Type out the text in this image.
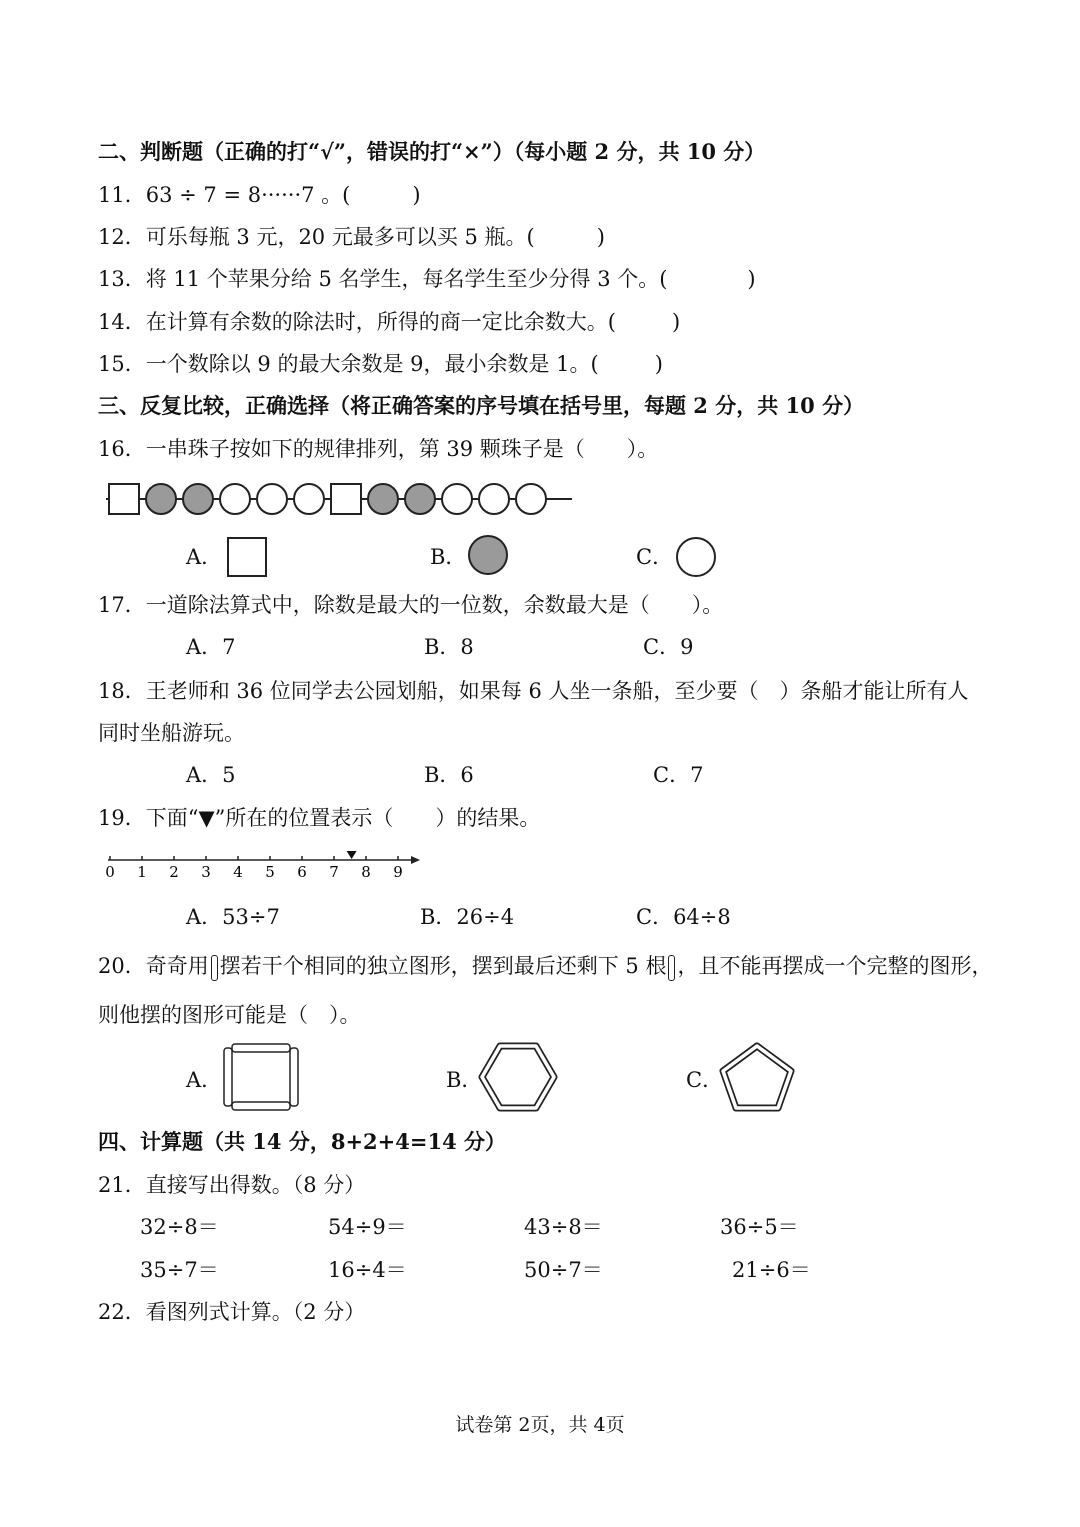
二、判断题（正确的打“√”，错误的打“×”）（每小题 2 分，共 10 分）
11．63 ÷ 7 = 8······7 。(	)
12．可乐每瓶 3 元，20 元最多可以买 5 瓶。(	)
13．将 11 个苹果分给 5 名学生，每名学生至少分得 3 个。(	)
14．在计算有余数的除法时，所得的商一定比余数大。(	)
15．一个数除以 9 的最大余数是 9，最小余数是 1。(	)
三、反复比较，正确选择（将正确答案的序号填在括号里，每题 2 分，共 10 分）
16．一串珠子按如下的规律排列，第 39 颗珠子是（　　）。
A．	B．	C．
17．一道除法算式中，除数是最大的一位数，余数最大是（　　）。
A．7	B．8	C．9
18．王老师和 36 位同学去公园划船，如果每 6 人坐一条船，至少要（　）条船才能让所有人
同时坐船游玩。
A．5	B．6	C．7
19．下面“▼”所在的位置表示（　　）的结果。
0 1 2 3 4 5 6 7 8 9
A．53÷7	B．26÷4	C．64÷8
20．奇奇用 摆若干个相同的独立图形，摆到最后还剩下 5 根 ，且不能再摆成一个完整的图形，
则他摆的图形可能是（　）。
A．	B．	C．
四、计算题（共 14 分，8+2+4=14 分）
21．直接写出得数。（8 分）
32÷8＝	54÷9＝	43÷8＝	36÷5＝
35÷7＝	16÷4＝	50÷7＝	21÷6＝
22．看图列式计算。（2 分）
试卷第 2页，共 4页
